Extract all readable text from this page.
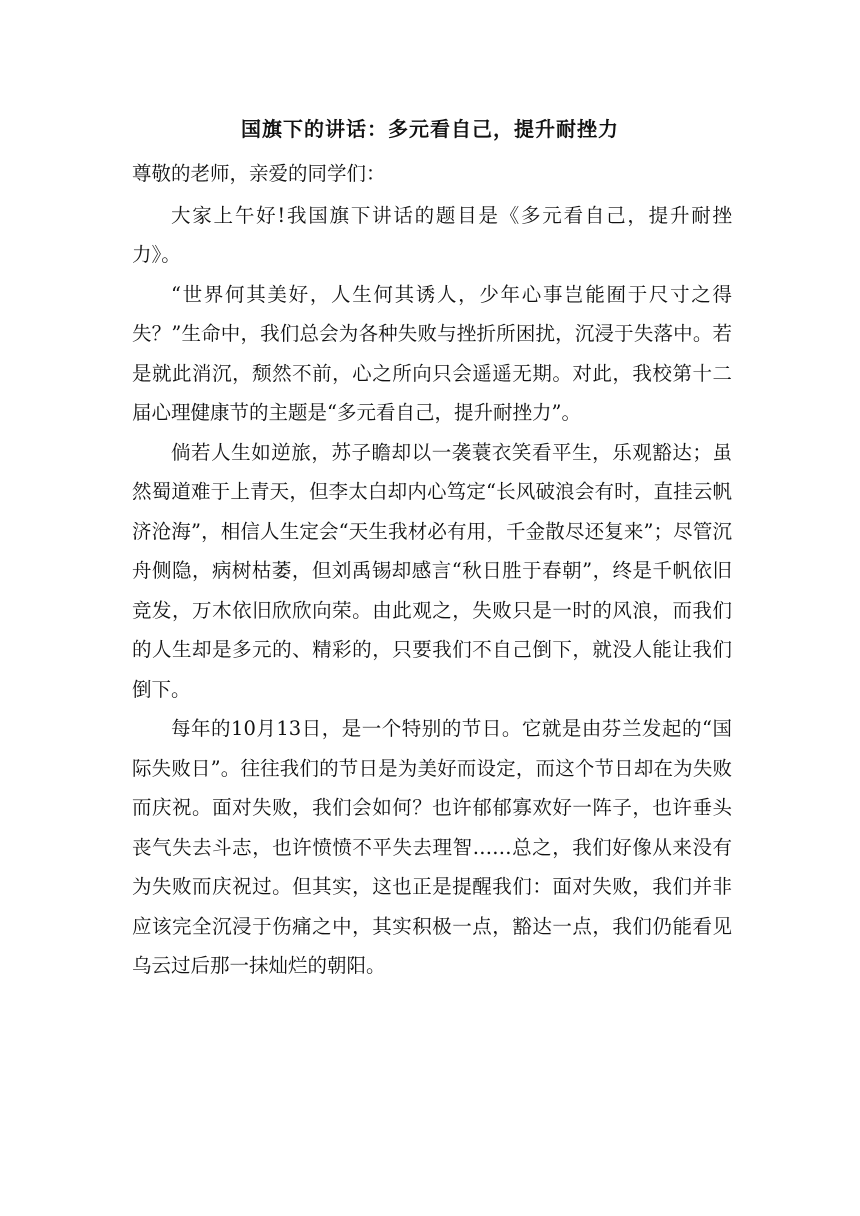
国旗下的讲话：多元看自己，提升耐挫力

尊敬的老师，亲爱的同学们：

大家上午好!我国旗下讲话的题目是《多元看自己，提升耐挫力》。

“世界何其美好，人生何其诱人，少年心事岂能囿于尺寸之得失？”生命中，我们总会为各种失败与挫折所困扰，沉浸于失落中。若是就此消沉，颓然不前，心之所向只会遥遥无期。对此，我校第十二届心理健康节的主题是“多元看自己，提升耐挫力”。

倘若人生如逆旅，苏子瞻却以一袭蓑衣笑看平生，乐观豁达；虽然蜀道难于上青天，但李太白却内心笃定“长风破浪会有时，直挂云帆济沧海”，相信人生定会“天生我材必有用，千金散尽还复来”；尽管沉舟侧隐，病树枯萎，但刘禹锡却感言“秋日胜于春朝”，终是千帆依旧竞发，万木依旧欣欣向荣。由此观之，失败只是一时的风浪，而我们的人生却是多元的、精彩的，只要我们不自己倒下，就没人能让我们倒下。

每年的10月13日，是一个特别的节日。它就是由芬兰发起的“国际失败日”。往往我们的节日是为美好而设定，而这个节日却在为失败而庆祝。面对失败，我们会如何？也许郁郁寡欢好一阵子，也许垂头丧气失去斗志，也许愤愤不平失去理智……总之，我们好像从来没有为失败而庆祝过。但其实，这也正是提醒我们：面对失败，我们并非应该完全沉浸于伤痛之中，其实积极一点，豁达一点，我们仍能看见乌云过后那一抹灿烂的朝阳。
